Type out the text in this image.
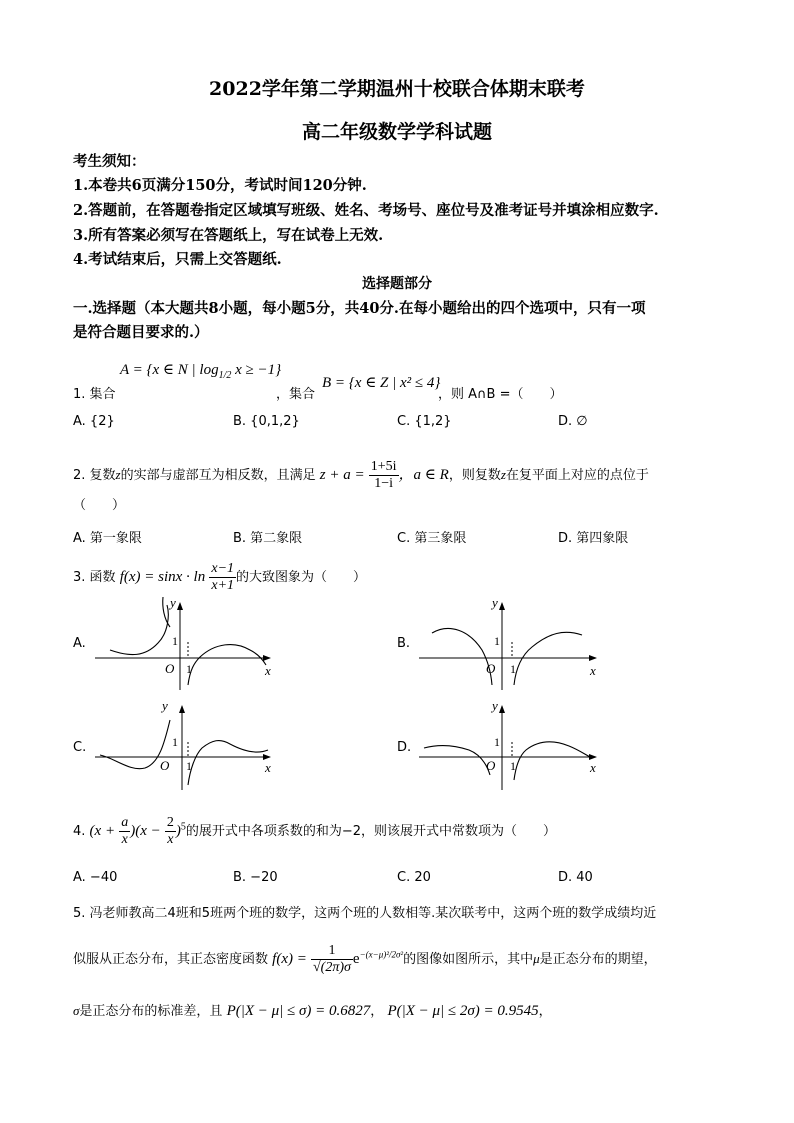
2022学年第二学期温州十校联合体期末联考
高二年级数学学科试题
考生须知：
1.本卷共6页满分150分，考试时间120分钟.
2.答题前，在答题卷指定区域填写班级、姓名、考场号、座位号及准考证号并填涂相应数字.
3.所有答案必须写在答题纸上，写在试卷上无效.
4.考试结束后，只需上交答题纸.
选择题部分
一.选择题（本大题共8小题，每小题5分，共40分.在每小题给出的四个选项中，只有一项
是符合题目要求的.）
1. 集合
A = {x ∈ N | $\log_{1/2} x \ge -1$}
，集合
B = {x ∈ Z | x² ≤ 4}
，则 A∩B =（　　）
A. {2}	B. {0,1,2}	C. {1,2}	D. ∅
2. 复数z的实部与虚部互为相反数，且满足 $z + a = \frac{1+5i}{1-i}$ ，a ∈ R，则复数z在复平面上对应的点位于
（　　）
A. 第一象限	B. 第二象限	C. 第三象限	D. 第四象限
3. 函数 $f(x) = \sin x \cdot \ln \frac{x-1}{x+1}$ 的大致图象为（　　）
A.	B.
C.	D.
y
x
O
1
1
y
x
O
1
1
y
x
O
1
1
y
x
O
1
1
4. $(x + \frac{a}{x} )(x - \frac{2}{x} )^5$的展开式中各项系数的和为−2，则该展开式中常数项为（　　）
A. −40	B. −20	C. 20	D. 40
5. 冯老师教高二4班和5班两个班的数学，这两个班的人数相等.某次联考中，这两个班的数学成绩均近
似服从正态分布，其正态密度函数 $f(x) = \frac{1}{√(2\pi)\sigma} e^{-(x-\mu)^2/2\sigma^2}$的图像如图所示，其中μ是正态分布的期望，
σ是正态分布的标准差，且 P(|X − μ| ≤ σ) = 0.6827， P(|X − μ| ≤ 2σ) = 0.9545，
